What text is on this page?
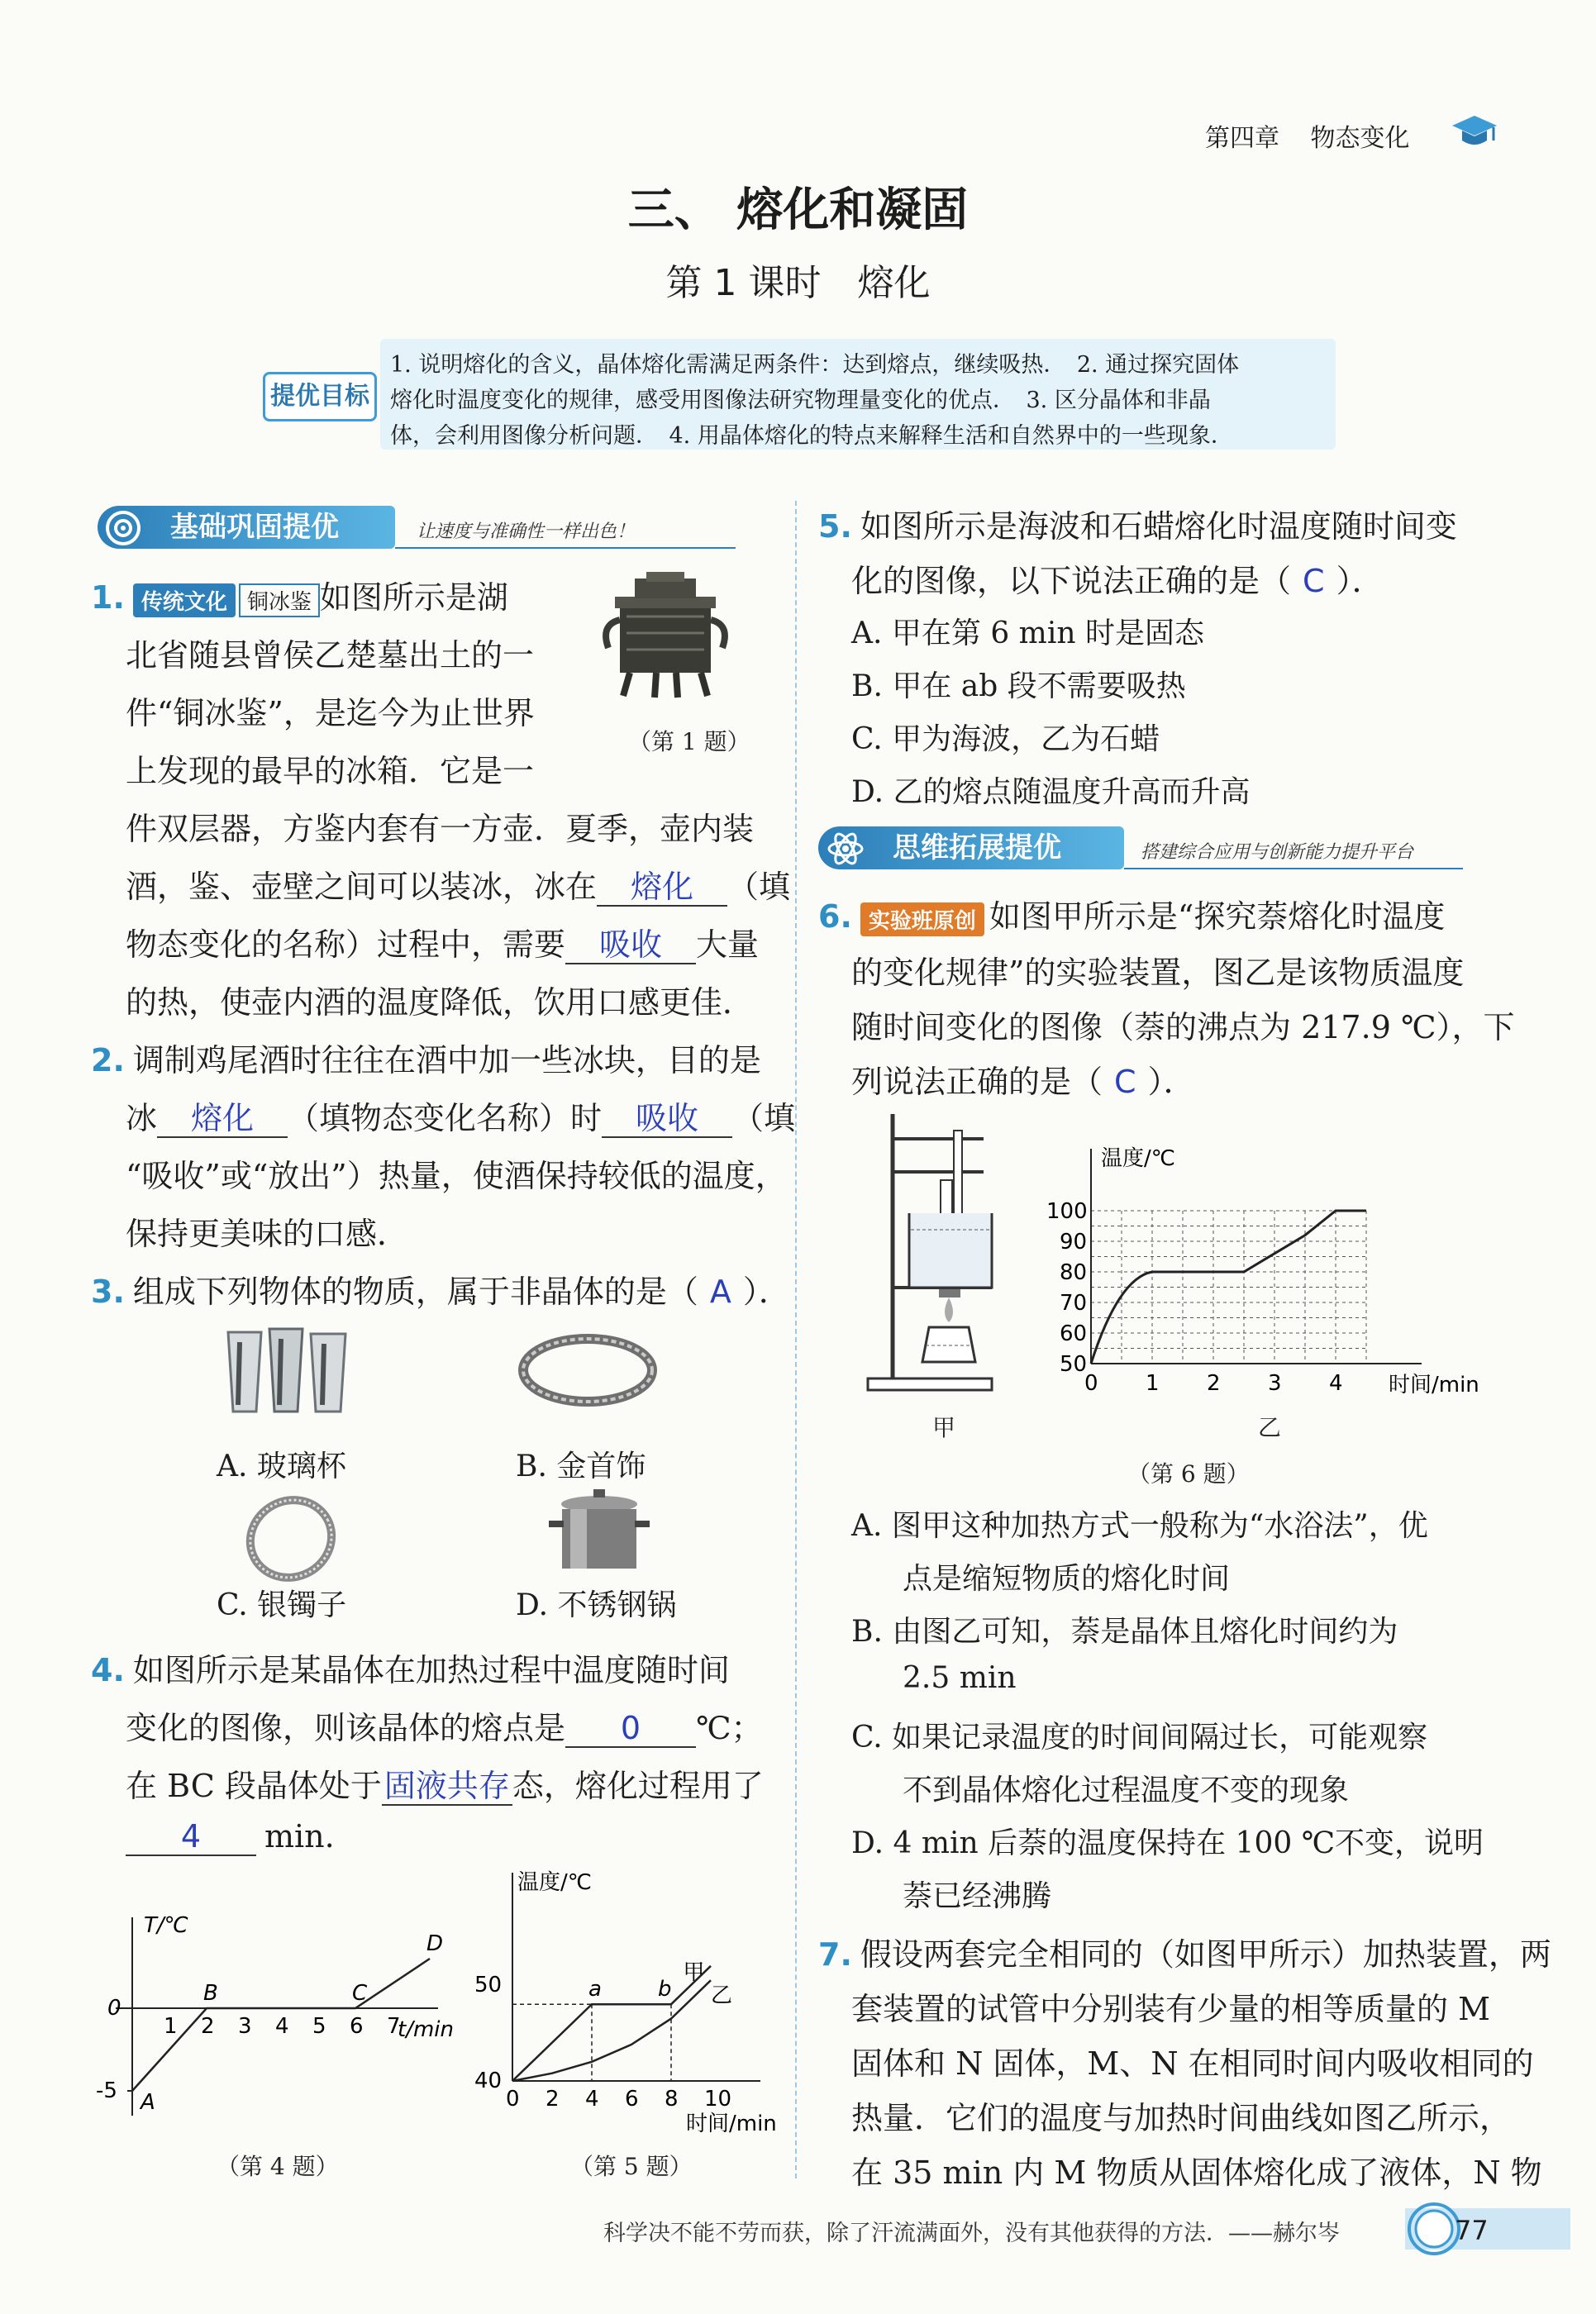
第四章 物态变化
三、 熔化和凝固
第 1 课时　熔化
提优目标
1. 说明熔化的含义，晶体熔化需满足两条件：达到熔点，继续吸热．　2. 通过探究固体
熔化时温度变化的规律，感受用图像法研究物理量变化的优点．　3. 区分晶体和非晶
体，会利用图像分析问题．　4. 用晶体熔化的特点来解释生活和自然界中的一些现象．
基础巩固提优	让速度与准确性一样出色！
1. 传统文化 铜冰鉴 如图所示是湖
北省随县曾侯乙楚墓出土的一
件“铜冰鉴”，是迄今为止世界
上发现的最早的冰箱．它是一
件双层器，方鉴内套有一方壶．夏季，壶内装
酒，鉴、壶壁之间可以装冰，冰在 熔化 （填
物态变化的名称）过程中，需要 吸收 大量
的热，使壶内酒的温度降低，饮用口感更佳．
（第 1 题）
2. 调制鸡尾酒时往往在酒中加一些冰块，目的是
冰 熔化 （填物态变化名称）时 吸收 （填
“吸收”或“放出”）热量，使酒保持较低的温度，
保持更美味的口感．
3. 组成下列物体的物质，属于非晶体的是（ A ）．
A. 玻璃杯	B. 金首饰
C. 银镯子	D. 不锈钢锅
4. 如图所示是某晶体在加热过程中温度随时间
变化的图像，则该晶体的熔点是 0 ℃；
在 BC 段晶体处于固液共存态，熔化过程用了
4 min.
T/℃
t/min
1 2 3 4 5 6 7
0
-5 A
B	C
D
（第 4 题）
温度/℃
时间/min
0 2 4 6 8 10
40
50	a	b
甲
乙
（第 5 题）
5. 如图所示是海波和石蜡熔化时温度随时间变
化的图像，以下说法正确的是（ C ）．
A. 甲在第 6 min 时是固态
B. 甲在 ab 段不需要吸热
C. 甲为海波，乙为石蜡
D. 乙的熔点随温度升高而升高
思维拓展提优	搭建综合应用与创新能力提升平台
6. 实验班原创 如图甲所示是“探究萘熔化时温度
的变化规律”的实验装置，图乙是该物质温度
随时间变化的图像（萘的沸点为 217.9 ℃），下
列说法正确的是（ C ）．
甲
温度/℃
时间/min
0 1 2 3 4
50
60
70
80
90
100
乙
（第 6 题）
A. 图甲这种加热方式一般称为“水浴法”，优
点是缩短物质的熔化时间
B. 由图乙可知，萘是晶体且熔化时间约为
2.5 min
C. 如果记录温度的时间间隔过长，可能观察
不到晶体熔化过程温度不变的现象
D. 4 min 后萘的温度保持在 100 ℃不变，说明
萘已经沸腾
7. 假设两套完全相同的（如图甲所示）加热装置，两
套装置的试管中分别装有少量的相等质量的 M
固体和 N 固体，M、N 在相同时间内吸收相同的
热量．它们的温度与加热时间曲线如图乙所示，
在 35 min 内 M 物质从固体熔化成了液体，N 物
科学决不能不劳而获，除了汗流满面外，没有其他获得的方法．——赫尔岑	77
